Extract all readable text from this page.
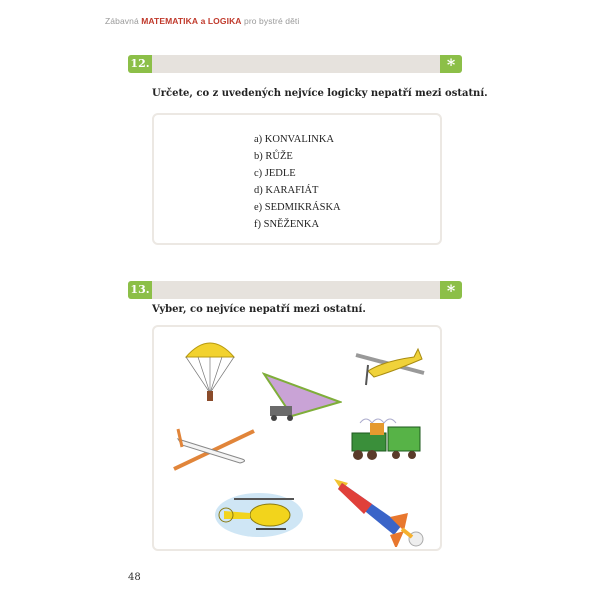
Zábavná MATEMATIKA a LOGIKA pro bystré děti
12.	*
Určete, co z uvedených nejvíce logicky nepatří mezi ostatní.
a) KONVALINKA
b) RŮŽE
c) JEDLE
d) KARAFIÁT
e) SEDMIKRÁSKA
f) SNĚŽENKA
13.	*
Vyber, co nejvíce nepatří mezi ostatní.
48
